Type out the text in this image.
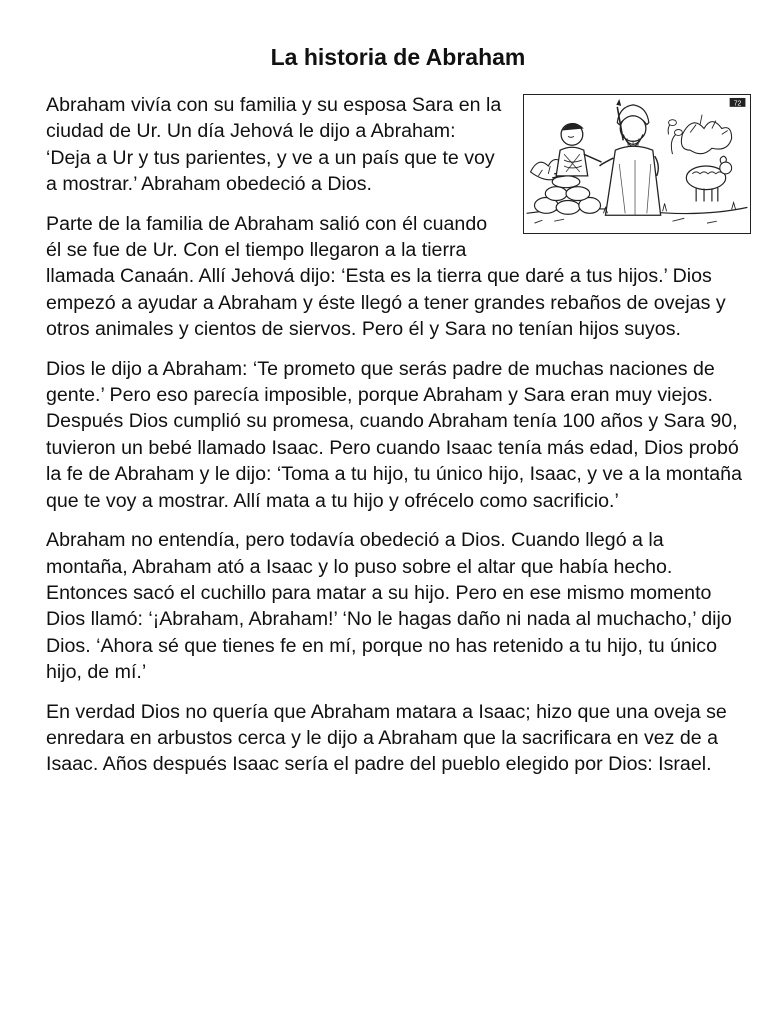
La historia de Abraham
72

Abraham vivía con su familia y su esposa Sara en la ciudad de Ur. Un día Jehová le dijo a Abraham: ‘Deja a Ur y tus parientes, y ve a un país que te voy a mostrar.’ Abraham obedeció a Dios.

Parte de la familia de Abraham salió con él cuando él se fue de Ur. Con el tiempo llegaron a la tierra llamada Canaán. Allí Jehová dijo: ‘Esta es la tierra que daré a tus hijos.’ Dios empezó a ayudar a Abraham y éste llegó a tener grandes rebaños de ovejas y otros animales y cientos de siervos. Pero él y Sara no tenían hijos suyos.

Dios le dijo a Abraham: ‘Te prometo que serás padre de muchas naciones de gente.’ Pero eso parecía imposible, porque Abraham y Sara eran muy viejos. Después Dios cumplió su promesa, cuando Abraham tenía 100 años y Sara 90, tuvieron un bebé llamado Isaac. Pero cuando Isaac tenía más edad, Dios probó la fe de Abraham y le dijo: ‘Toma a tu hijo, tu único hijo, Isaac, y ve a la montaña que te voy a mostrar. Allí mata a tu hijo y ofrécelo como sacrificio.’

Abraham no entendía, pero todavía obedeció a Dios. Cuando llegó a la montaña, Abraham ató a Isaac y lo puso sobre el altar que había hecho. Entonces sacó el cuchillo para matar a su hijo. Pero en ese mismo momento Dios llamó: ‘¡Abraham, Abraham!’ ‘No le hagas daño ni nada al muchacho,’ dijo Dios. ‘Ahora sé que tienes fe en mí, porque no has retenido a tu hijo, tu único hijo, de mí.’

En verdad Dios no quería que Abraham matara a Isaac; hizo que una oveja se enredara en arbustos cerca y le dijo a Abraham que la sacrificara en vez de a Isaac. Años después Isaac sería el padre del pueblo elegido por Dios: Israel.
